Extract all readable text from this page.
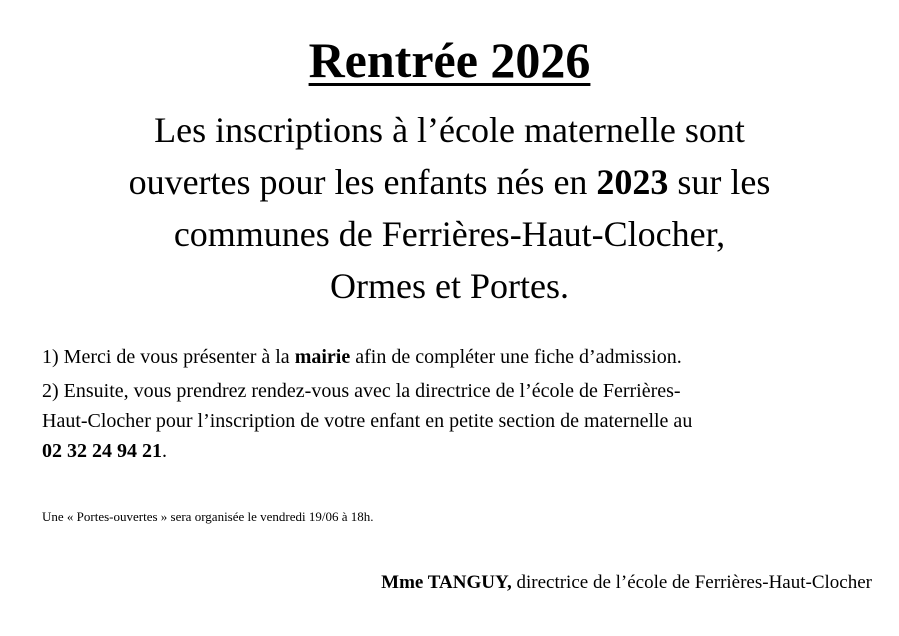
Rentrée 2026
Les inscriptions à l’école maternelle sont
ouvertes pour les enfants nés en 2023 sur les
communes de Ferrières-Haut-Clocher,
Ormes et Portes.

1) Merci de vous présenter à la mairie afin de compléter une fiche d’admission.

2) Ensuite, vous prendrez rendez-vous avec la directrice de l’école de Ferrières-
Haut-Clocher pour l’inscription de votre enfant en petite section de maternelle au
02 32 24 94 21.

Une « Portes-ouvertes » sera organisée le vendredi 19/06 à 18h.
Mme TANGUY, directrice de l’école de Ferrières-Haut-Clocher
